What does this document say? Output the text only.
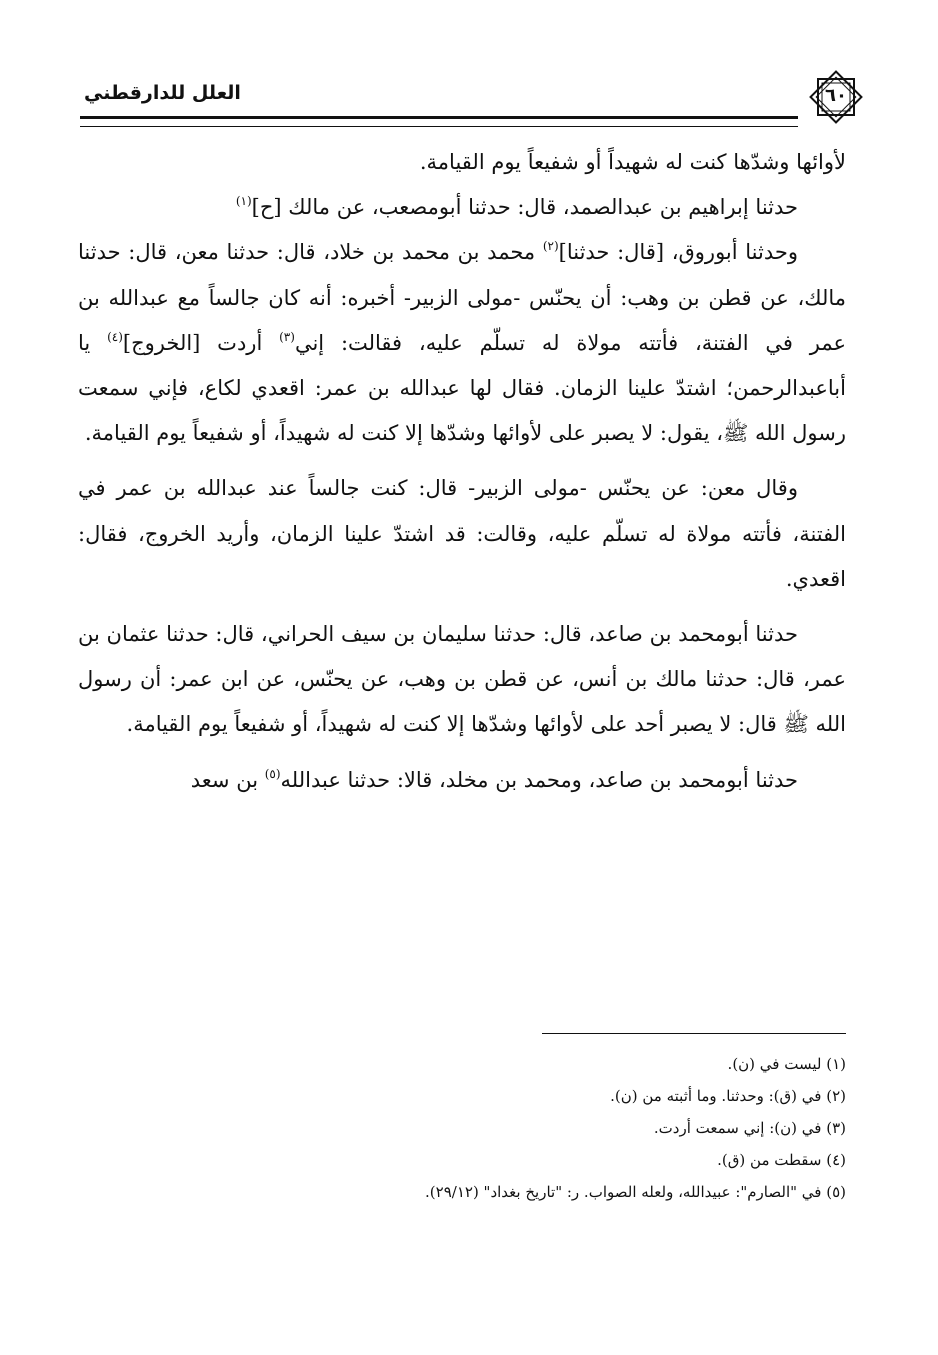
العلل للدارقطني	٦٠

لأوائها وشدّها كنت له شهيداً أو شفيعاً يوم القيامة.

حدثنا إبراهيم بن عبدالصمد، قال: حدثنا أبومصعب، عن مالك [ح]$^{(١)}$

وحدثنا أبوروق، [قال: حدثنا]$^{(٢)}$ محمد بن محمد بن خلاد، قال: حدثنا معن، قال: حدثنا مالك، عن قطن بن وهب: أن يحنّس -مولى الزبير- أخبره: أنه كان جالساً مع عبدالله بن عمر في الفتنة، فأتته مولاة له تسلّم عليه، فقالت: إني$^{(٣)}$ أردت [الخروج]$^{(٤)}$ يا أباعبدالرحمن؛ اشتدّ علينا الزمان. فقال لها عبدالله بن عمر: اقعدي لكاع، فإني سمعت رسول الله ﷺ، يقول: لا يصبر على لأوائها وشدّها إلا كنت له شهيداً، أو شفيعاً يوم القيامة.

وقال معن: عن يحنّس -مولى الزبير- قال: كنت جالساً عند عبدالله بن عمر في الفتنة، فأتته مولاة له تسلّم عليه، وقالت: قد اشتدّ علينا الزمان، وأريد الخروج، فقال: اقعدي.

حدثنا أبومحمد بن صاعد، قال: حدثنا سليمان بن سيف الحراني، قال: حدثنا عثمان بن عمر، قال: حدثنا مالك بن أنس، عن قطن بن وهب، عن يحنّس، عن ابن عمر: أن رسول الله ﷺ قال: لا يصبر أحد على لأوائها وشدّها إلا كنت له شهيداً، أو شفيعاً يوم القيامة.

حدثنا أبومحمد بن صاعد، ومحمد بن مخلد، قالا: حدثنا عبدالله$^{(٥)}$ بن سعد

(١) ليست في (ن).
(٢) في (ق): وحدثنا. وما أثبته من (ن).
(٣) في (ن): إني سمعت أردت.
(٤) سقطت من (ق).
(٥) في "الصارم": عبيدالله، ولعله الصواب. ر: "تاريخ بغداد" (٢٩/١٢).
